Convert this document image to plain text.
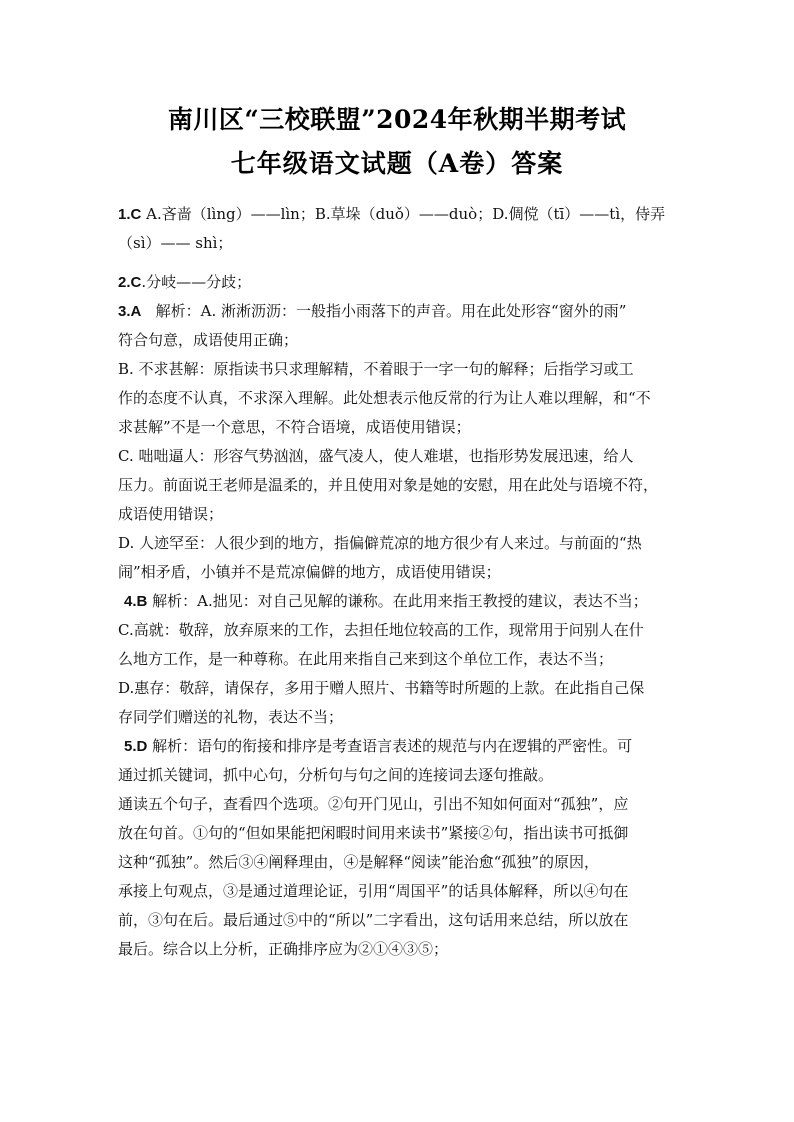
南川区“三校联盟”2024年秋期半期考试
七年级语文试题（A卷）答案
1.C A.吝啬（lìng）——lìn；B.草垛（duǒ）——duò；D.倜傥（tī）——tì，侍弄
（sì）—— shì；
2.C.分岐——分歧；
3.A 解析：A. 淅淅沥沥：一般指小雨落下的声音。用在此处形容“窗外的雨”
符合句意，成语使用正确；
B. 不求甚解：原指读书只求理解精，不着眼于一字一句的解释；后指学习或工
作的态度不认真，不求深入理解。此处想表示他反常的行为让人难以理解，和“不
求甚解”不是一个意思，不符合语境，成语使用错误；
C. 咄咄逼人：形容气势汹汹，盛气凌人，使人难堪，也指形势发展迅速，给人
压力。前面说王老师是温柔的，并且使用对象是她的安慰，用在此处与语境不符，
成语使用错误；
D. 人迹罕至：人很少到的地方，指偏僻荒凉的地方很少有人来过。与前面的“热
闹”相矛盾，小镇并不是荒凉偏僻的地方，成语使用错误；
4.B 解析：A.拙见：对自己见解的谦称。在此用来指王教授的建议，表达不当；
C.高就：敬辞，放弃原来的工作，去担任地位较高的工作，现常用于问别人在什
么地方工作，是一种尊称。在此用来指自己来到这个单位工作，表达不当；
D.惠存：敬辞，请保存，多用于赠人照片、书籍等时所题的上款。在此指自己保
存同学们赠送的礼物，表达不当；
5.D 解析：语句的衔接和排序是考查语言表述的规范与内在逻辑的严密性。可
通过抓关键词，抓中心句，分析句与句之间的连接词去逐句推敲。
通读五个句子，查看四个选项。②句开门见山，引出不知如何面对“孤独”，应
放在句首。①句的“但如果能把闲暇时间用来读书”紧接②句，指出读书可抵御
这种“孤独”。然后③④阐释理由，④是解释“阅读”能治愈“孤独”的原因，
承接上句观点，③是通过道理论证，引用“周国平”的话具体解释，所以④句在
前，③句在后。最后通过⑤中的“所以”二字看出，这句话用来总结，所以放在
最后。综合以上分析，正确排序应为②①④③⑤；
